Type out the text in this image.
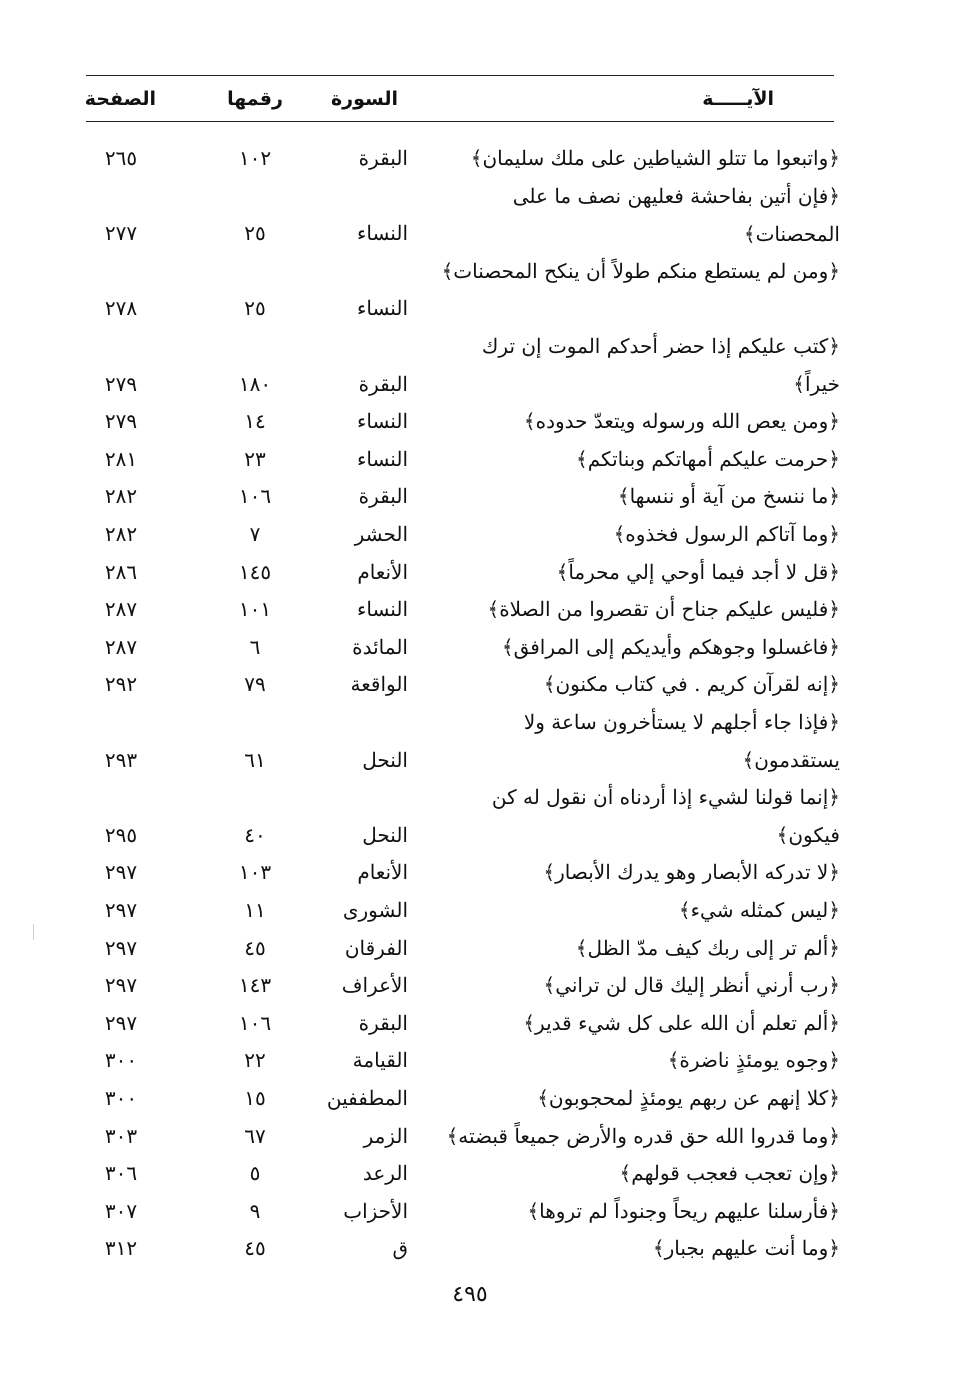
الآيـــــة
السورة
رقمها
الصفحة
﴿واتبعوا ما تتلو الشياطين على ملك سليمان﴾
البقرة
١٠٢
٢٦٥
﴿فإن أتين بفاحشة فعليهن نصف ما على المحصنات﴾
النساء
٢٥
٢٧٧
﴿ومن لم يستطع منكم طولاً أن ينكح المحصنات﴾
النساء
٢٥
٢٧٨
﴿كتب عليكم إذا حضر أحدكم الموت إن ترك خيراً﴾
البقرة
١٨٠
٢٧٩
﴿ومن يعص الله ورسوله ويتعدّ حدوده﴾
النساء
١٤
٢٧٩
﴿حرمت عليكم أمهاتكم وبناتكم﴾
النساء
٢٣
٢٨١
﴿ما ننسخ من آية أو ننسها﴾
البقرة
١٠٦
٢٨٢
﴿وما آتاكم الرسول فخذوه﴾
الحشر
٧
٢٨٢
﴿قل لا أجد فيما أوحي إلي محرماً﴾
الأنعام
١٤٥
٢٨٦
﴿فليس عليكم جناح أن تقصروا من الصلاة﴾
النساء
١٠١
٢٨٧
﴿فاغسلوا وجوهكم وأيديكم إلى المرافق﴾
المائدة
٦
٢٨٧
﴿إنه لقرآن كريم . في كتاب مكنون﴾
الواقعة
٧٩
٢٩٢
﴿فإذا جاء أجلهم لا يستأخرون ساعة ولا يستقدمون﴾
النحل
٦١
٢٩٣
﴿إنما قولنا لشيء إذا أردناه أن نقول له كن فيكون﴾
النحل
٤٠
٢٩٥
﴿لا تدركه الأبصار وهو يدرك الأبصار﴾
الأنعام
١٠٣
٢٩٧
﴿ليس كمثله شيء﴾
الشورى
١١
٢٩٧
﴿ألم تر إلى ربك كيف مدّ الظل﴾
الفرقان
٤٥
٢٩٧
﴿رب أرني أنظر إليك قال لن تراني﴾
الأعراف
١٤٣
٢٩٧
﴿ألم تعلم أن الله على كل شيء قدير﴾
البقرة
١٠٦
٢٩٧
﴿وجوه يومئذٍ ناضرة﴾
القيامة
٢٢
٣٠٠
﴿كلا إنهم عن ربهم يومئذٍ لمحجوبون﴾
المطففين
١٥
٣٠٠
﴿وما قدروا الله حق قدره والأرض جميعاً قبضته﴾
الزمر
٦٧
٣٠٣
﴿وإن تعجب فعجب قولهم﴾
الرعد
٥
٣٠٦
﴿فأرسلنا عليهم ريحاً وجنوداً لم تروها﴾
الأحزاب
٩
٣٠٧
﴿وما أنت عليهم بجبار﴾
ق
٤٥
٣١٢
٤٩٥
